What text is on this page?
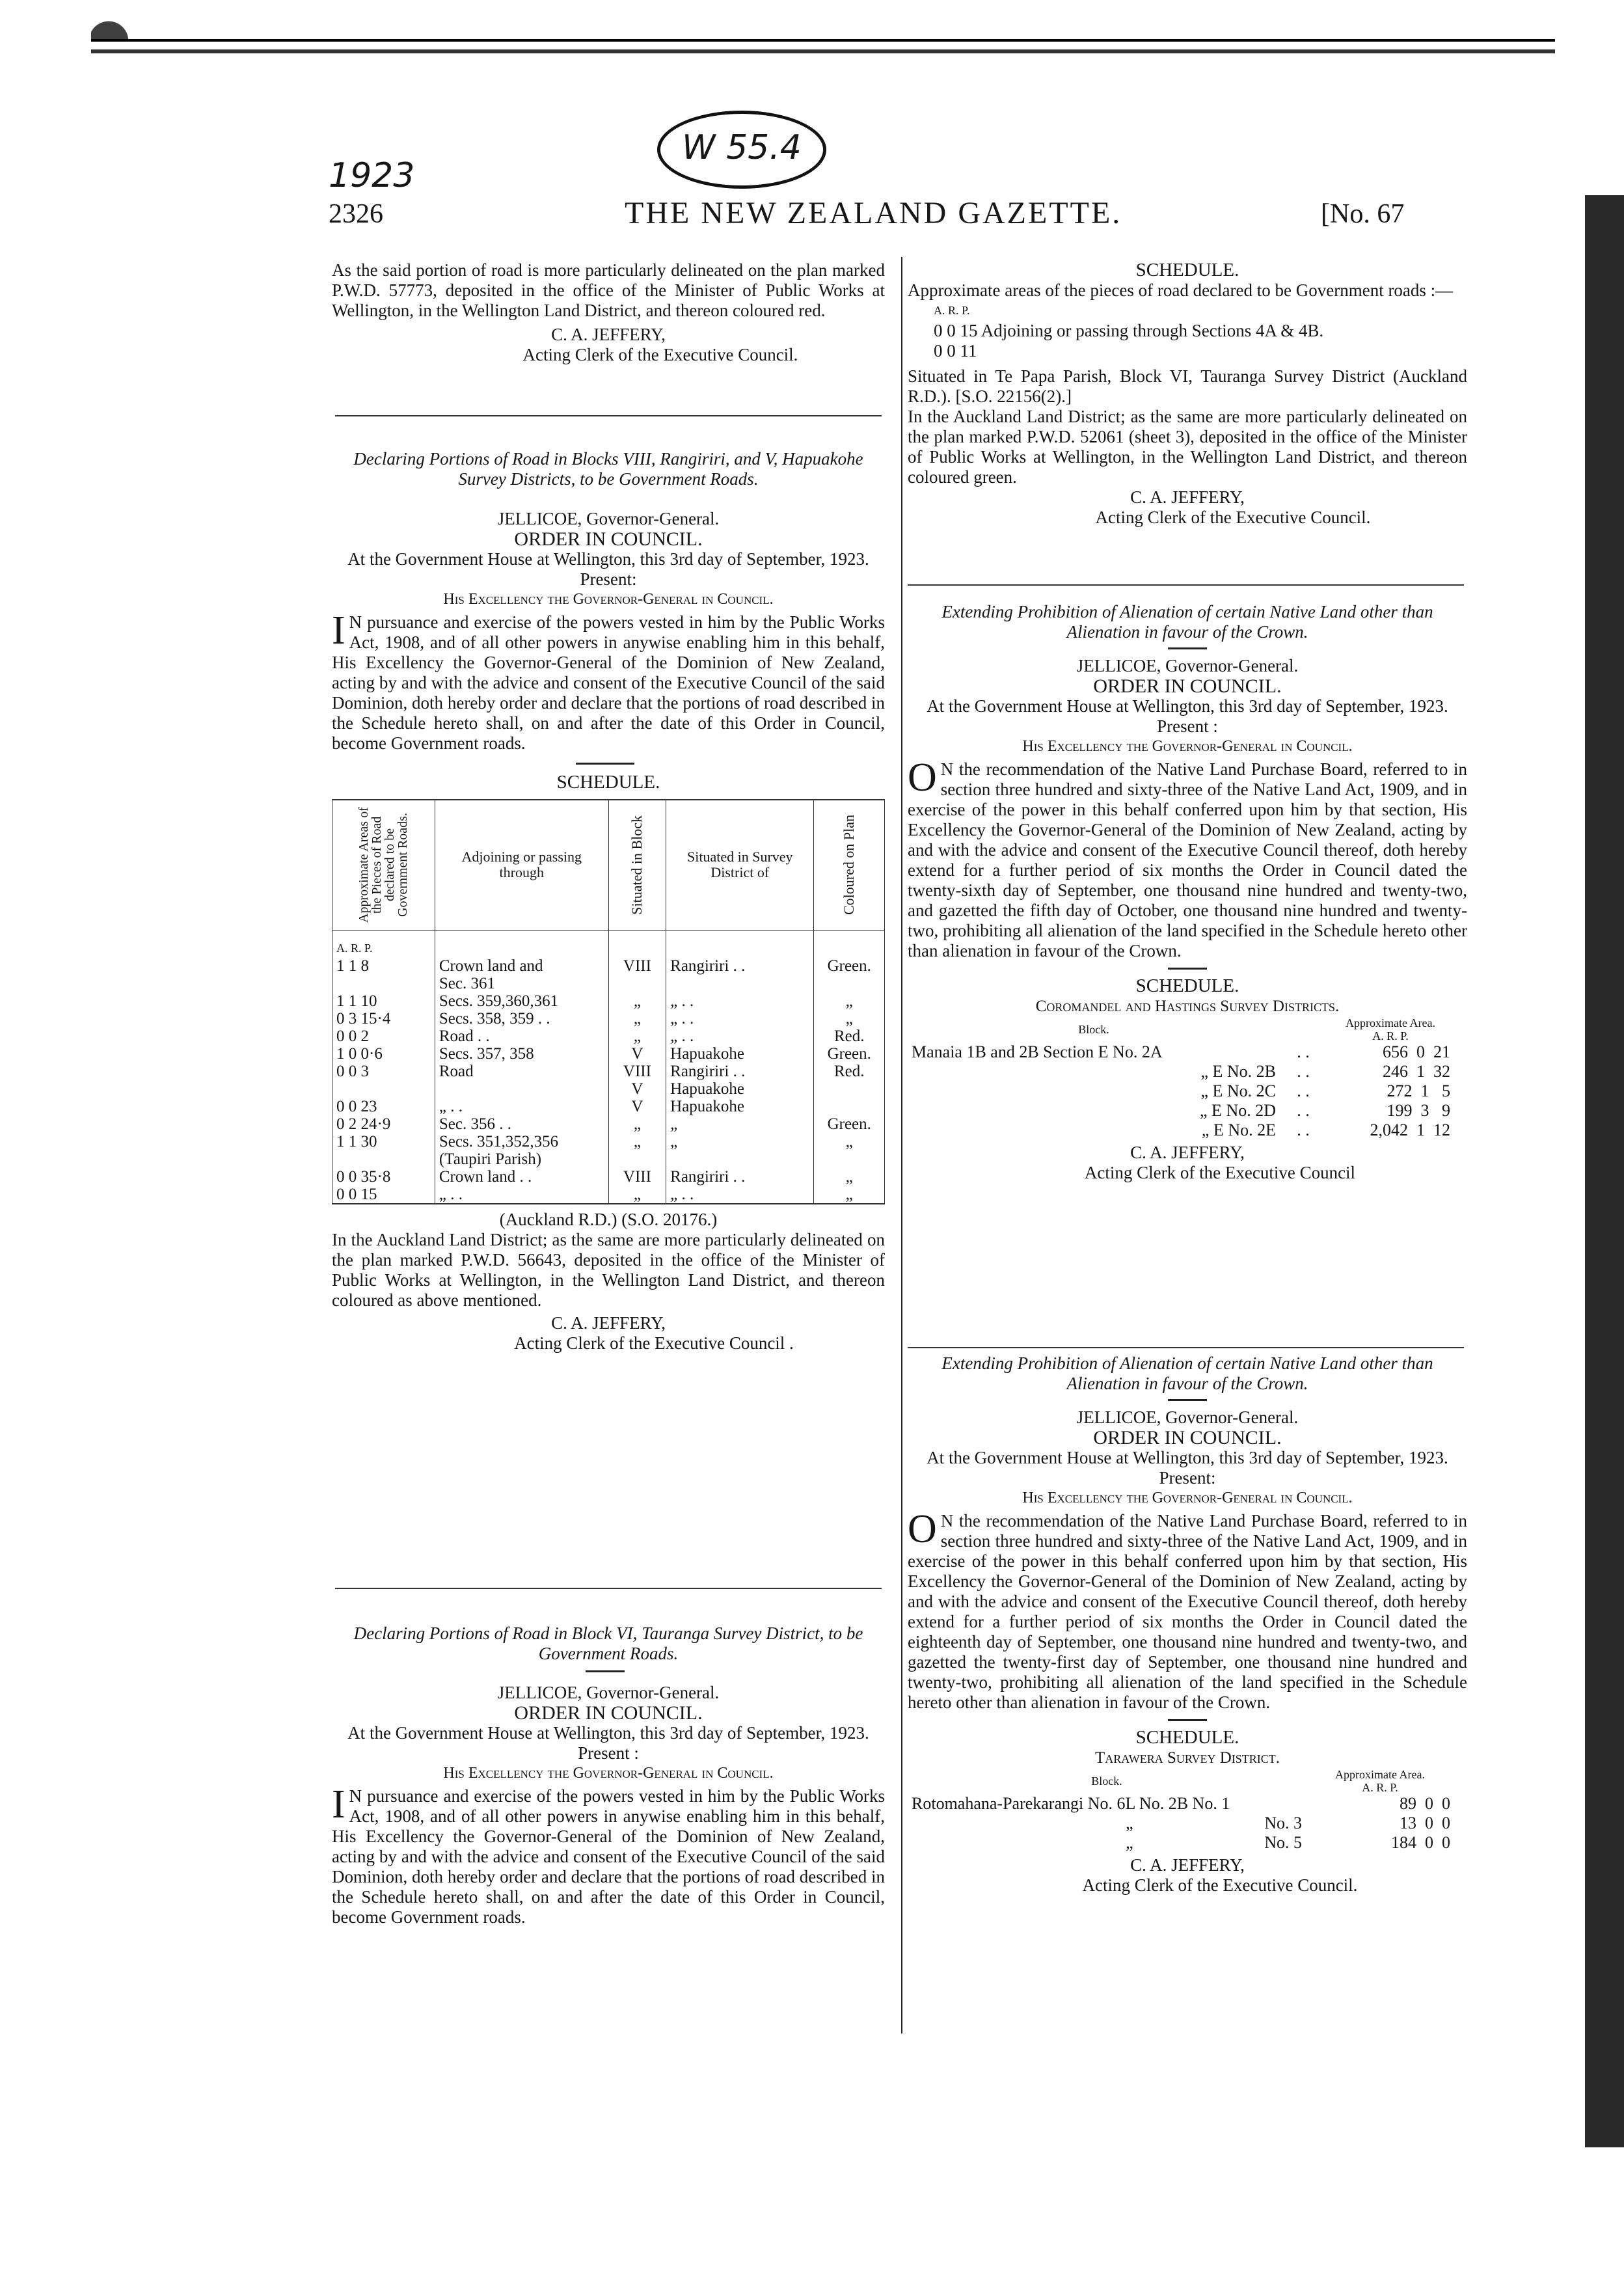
W 55.4
1923
2326	THE NEW ZEALAND GAZETTE.	[No. 67

As the said portion of road is more particularly delineated on the plan marked P.W.D. 57773, deposited in the office of the Minister of Public Works at Wellington, in the Wellington Land District, and thereon coloured red.

C. A. JEFFERY,

Acting Clerk of the Executive Council.

Declaring Portions of Road in Blocks VIII, Rangiriri, and V, Hapuakohe Survey Districts, to be Government Roads.

JELLICOE, Governor-General.

ORDER IN COUNCIL.

At the Government House at Wellington, this 3rd day of September, 1923.

Present:

His Excellency the Governor-General in Council.

I N pursuance and exercise of the powers vested in him by the Public Works Act, 1908, and of all other powers in anywise enabling him in this behalf, His Excellency the Governor-General of the Dominion of New Zealand, acting by and with the advice and consent of the Executive Council of the said Dominion, doth hereby order and declare that the portions of road described in the Schedule hereto shall, on and after the date of this Order in Council, become Government roads.

SCHEDULE.

Approximate Areas of the Pieces of Road declared to be Government Roads.	Adjoining or passing through	Situated in Block	Situated in Survey District of	Coloured on Plan

A. R. P.				
1 1 8	Crown land and	VIII	Rangiriri . .	Green.
	Sec. 361			
1 1 10	Secs. 359,360,361	„	„ . .	„
0 3 15·4	Secs. 358, 359 . .	„	„ . .	„
0 0 2	Road . .	„	„ . .	Red.
1 0 0·6	Secs. 357, 358	V	Hapuakohe	Green.
0 0 3	Road	VIII	Rangiriri . .	Red.
		V	Hapuakohe	
0 0 23	„ . .	V	Hapuakohe	
0 2 24·9	Sec. 356 . .	„	„	Green.
1 1 30	Secs. 351,352,356	„	„	„
	(Taupiri Parish)			
0 0 35·8	Crown land . .	VIII	Rangiriri . .	„
0 0 15	„ . .	„	„ . .	„

(Auckland R.D.) (S.O. 20176.)

In the Auckland Land District; as the same are more particularly delineated on the plan marked P.W.D. 56643, deposited in the office of the Minister of Public Works at Wellington, in the Wellington Land District, and thereon coloured as above mentioned.

C. A. JEFFERY,

Acting Clerk of the Executive Council .

Declaring Portions of Road in Block VI, Tauranga Survey District, to be Government Roads.

JELLICOE, Governor-General.

ORDER IN COUNCIL.

At the Government House at Wellington, this 3rd day of September, 1923.

Present :

His Excellency the Governor-General in Council.

I N pursuance and exercise of the powers vested in him by the Public Works Act, 1908, and of all other powers in anywise enabling him in this behalf, His Excellency the Governor-General of the Dominion of New Zealand, acting by and with the advice and consent of the Executive Council of the said Dominion, doth hereby order and declare that the portions of road described in the Schedule hereto shall, on and after the date of this Order in Council, become Government roads.

SCHEDULE.

Approximate areas of the pieces of road declared to be Government roads :—

A. R. P.

0 0 15 Adjoining or passing through Sections 4A & 4B.

0 0 11

Situated in Te Papa Parish, Block VI, Tauranga Survey District (Auckland R.D.). [S.O. 22156(2).]

In the Auckland Land District; as the same are more particularly delineated on the plan marked P.W.D. 52061 (sheet 3), deposited in the office of the Minister of Public Works at Wellington, in the Wellington Land District, and thereon coloured green.

C. A. JEFFERY,

Acting Clerk of the Executive Council.

Extending Prohibition of Alienation of certain Native Land other than Alienation in favour of the Crown.

JELLICOE, Governor-General.

ORDER IN COUNCIL.

At the Government House at Wellington, this 3rd day of September, 1923.

Present :

His Excellency the Governor-General in Council.

O N the recommendation of the Native Land Purchase Board, referred to in section three hundred and sixty-three of the Native Land Act, 1909, and in exercise of the power in this behalf conferred upon him by that section, His Excellency the Governor-General of the Dominion of New Zealand, acting by and with the advice and consent of the Executive Council thereof, doth hereby extend for a further period of six months the Order in Council dated the twenty-sixth day of September, one thousand nine hundred and twenty-two, and gazetted the fifth day of October, one thousand nine hundred and twenty-two, prohibiting all alienation of the land specified in the Schedule hereto other than alienation in favour of the Crown.

SCHEDULE.

Coromandel and Hastings Survey Districts.

Block.		Approximate Area.
A. R. P.
Manaia 1B and 2B Section E No. 2A	. .	656  0  21
„ E No. 2B	. .	246  1  32
„ E No. 2C	. .	272  1   5
„ E No. 2D	. .	199  3   9
„ E No. 2E	. .	2,042  1  12

C. A. JEFFERY,

Acting Clerk of the Executive Council

Extending Prohibition of Alienation of certain Native Land other than Alienation in favour of the Crown.

JELLICOE, Governor-General.

ORDER IN COUNCIL.

At the Government House at Wellington, this 3rd day of September, 1923.

Present:

His Excellency the Governor-General in Council.

O N the recommendation of the Native Land Purchase Board, referred to in section three hundred and sixty-three of the Native Land Act, 1909, and in exercise of the power in this behalf conferred upon him by that section, His Excellency the Governor-General of the Dominion of New Zealand, acting by and with the advice and consent of the Executive Council thereof, doth hereby extend for a further period of six months the Order in Council dated the eighteenth day of September, one thousand nine hundred and twenty-two, and gazetted the twenty-first day of September, one thousand nine hundred and twenty-two, prohibiting all alienation of the land specified in the Schedule hereto other than alienation in favour of the Crown.

SCHEDULE.

Tarawera Survey District.

Block.	Approximate Area.
A. R. P.
Rotomahana-Parekarangi No. 6L No. 2B No. 1	89  0  0
„                               No. 3	13  0  0
„                               No. 5	184  0  0

C. A. JEFFERY,

Acting Clerk of the Executive Council.
